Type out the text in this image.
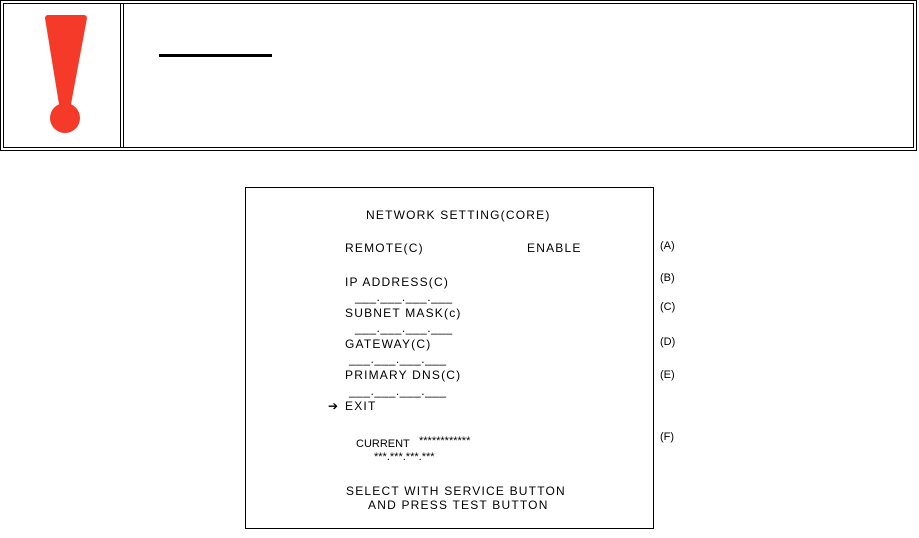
NETWORK SETTING(CORE)
REMOTE(C)	ENABLE
IP ADDRESS(C)
___.___.___.___
SUBNET MASK(c)
___.___.___.___
GATEWAY(C)
___.___.___.___
PRIMARY DNS(C)
___.___.___.___
➔ EXIT
CURRENT ************
***.***.***.***
SELECT WITH SERVICE BUTTON
AND PRESS TEST BUTTON
(A)
(B)
(C)
(D)
(E)
(F)
